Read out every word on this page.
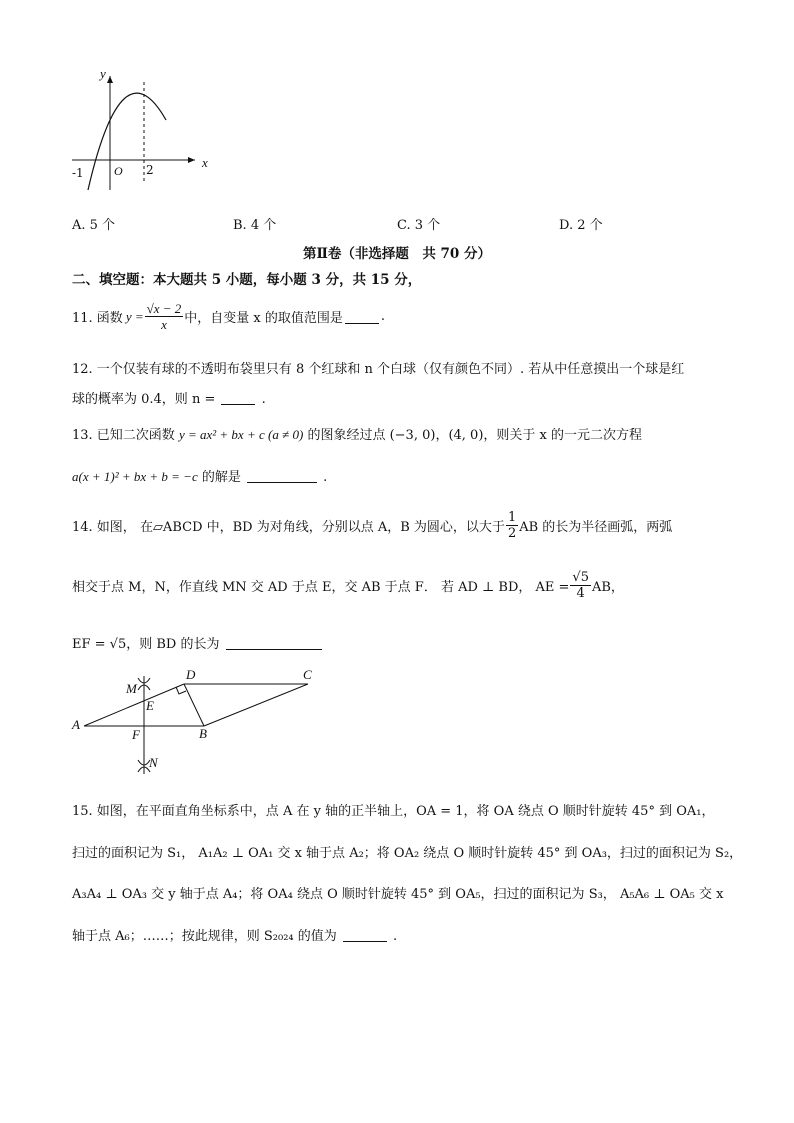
y
x
O
-1	2
A. 5 个	B. 4 个	C. 3 个	D. 2 个
第Ⅱ卷（非选择题　共 70 分）
二、填空题：本大题共 5 小题，每小题 3 分，共 15 分，
11. 函数 $y = \frac{√x - 2}{x}$ 中，自变量 x 的取值范围是	.
12. 一个仅装有球的不透明布袋里只有 8 个红球和 n 个白球（仅有颜色不同）. 若从中任意摸出一个球是红
球的概率为 0.4，则 n =	.
13. 已知二次函数 y = ax² + bx + c (a ≠ 0) 的图象经过点 (−3, 0)，(4, 0)，则关于 x 的一元二次方程
a(x + 1)² + bx + b = −c 的解是	.
14. 如图， 在▱ABCD 中，BD 为对角线，分别以点 A，B 为圆心，以大于 $\frac{1}{2}$ AB 的长为半径画弧，两弧
相交于点 M，N，作直线 MN 交 AD 于点 E，交 AB 于点 F． 若 AD ⊥ BD， AE = $\frac{√5}{4}$ AB，
EF = √5，则 BD 的长为
A
B
C
D
E
F
M
N
15. 如图，在平面直角坐标系中，点 A 在 y 轴的正半轴上，OA = 1，将 OA 绕点 O 顺时针旋转 45° 到 OA₁，
扫过的面积记为 S₁， A₁A₂ ⊥ OA₁ 交 x 轴于点 A₂；将 OA₂ 绕点 O 顺时针旋转 45° 到 OA₃，扫过的面积记为 S₂，
A₃A₄ ⊥ OA₃ 交 y 轴于点 A₄；将 OA₄ 绕点 O 顺时针旋转 45° 到 OA₅，扫过的面积记为 S₃， A₅A₆ ⊥ OA₅ 交 x
轴于点 A₆；……；按此规律，则 S₂₀₂₄ 的值为	.
